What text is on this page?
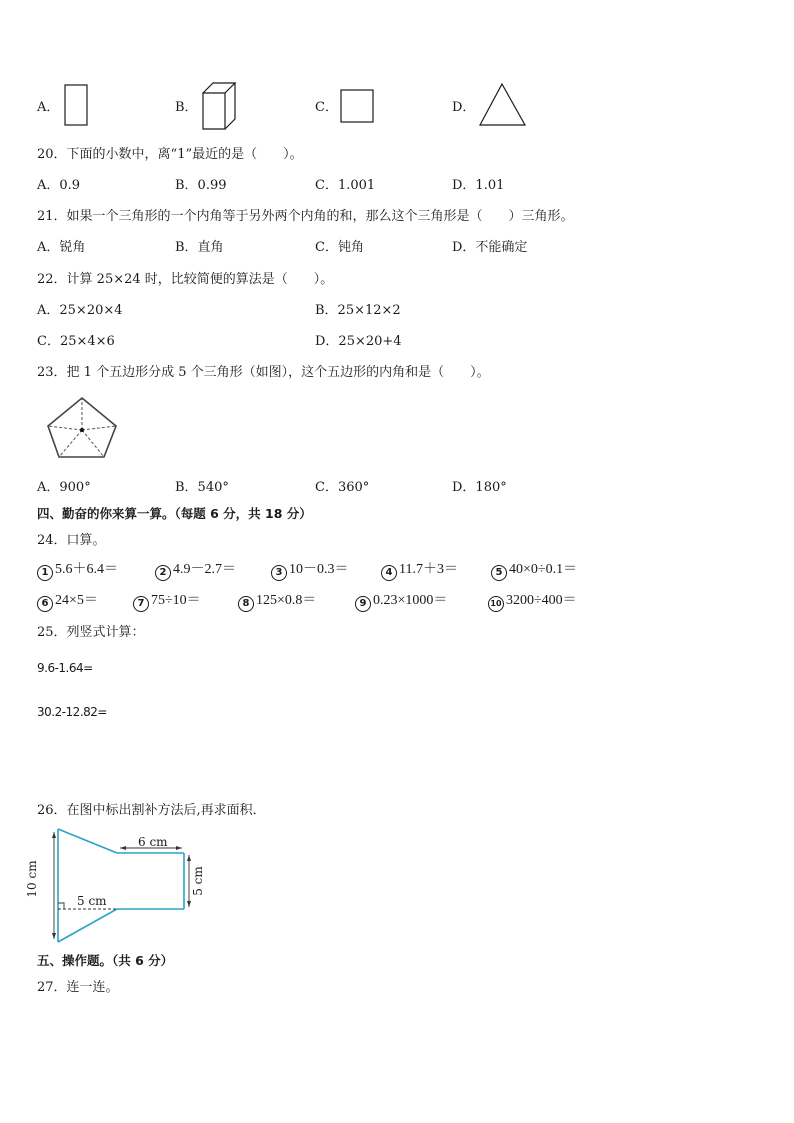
A．	B．	C．	D．
20．下面的小数中，离“1”最近的是（　　）。
A．0.9	B．0.99	C．1.001	D．1.01
21．如果一个三角形的一个内角等于另外两个内角的和，那么这个三角形是（　　）三角形。
A．锐角	B．直角	C．钝角	D．不能确定
22．计算 25×24 时，比较简便的算法是（　　）。
A．25×20×4	B．25×12×2
C．25×4×6	D．25×20+4
23．把 1 个五边形分成 5 个三角形（如图），这个五边形的内角和是（　　）。
A．900°	B．540°	C．360°	D．180°
四、勤奋的你来算一算。（每题 6 分，共 18 分）
24．口算。
1 5.6＋6.4＝	2 4.9－2.7＝	3 10－0.3＝	4 11.7＋3＝	5 40×0÷0.1＝
6 24×5＝	7 75÷10＝	8 125×0.8＝	9 0.23×1000＝	10 3200÷400＝
25．列竖式计算：
9.6-1.64=
30.2-12.82=
26．在图中标出割补方法后,再求面积．
6 cm
5 cm
10 cm
5 cm
五、操作题。（共 6 分）
27．连一连。
